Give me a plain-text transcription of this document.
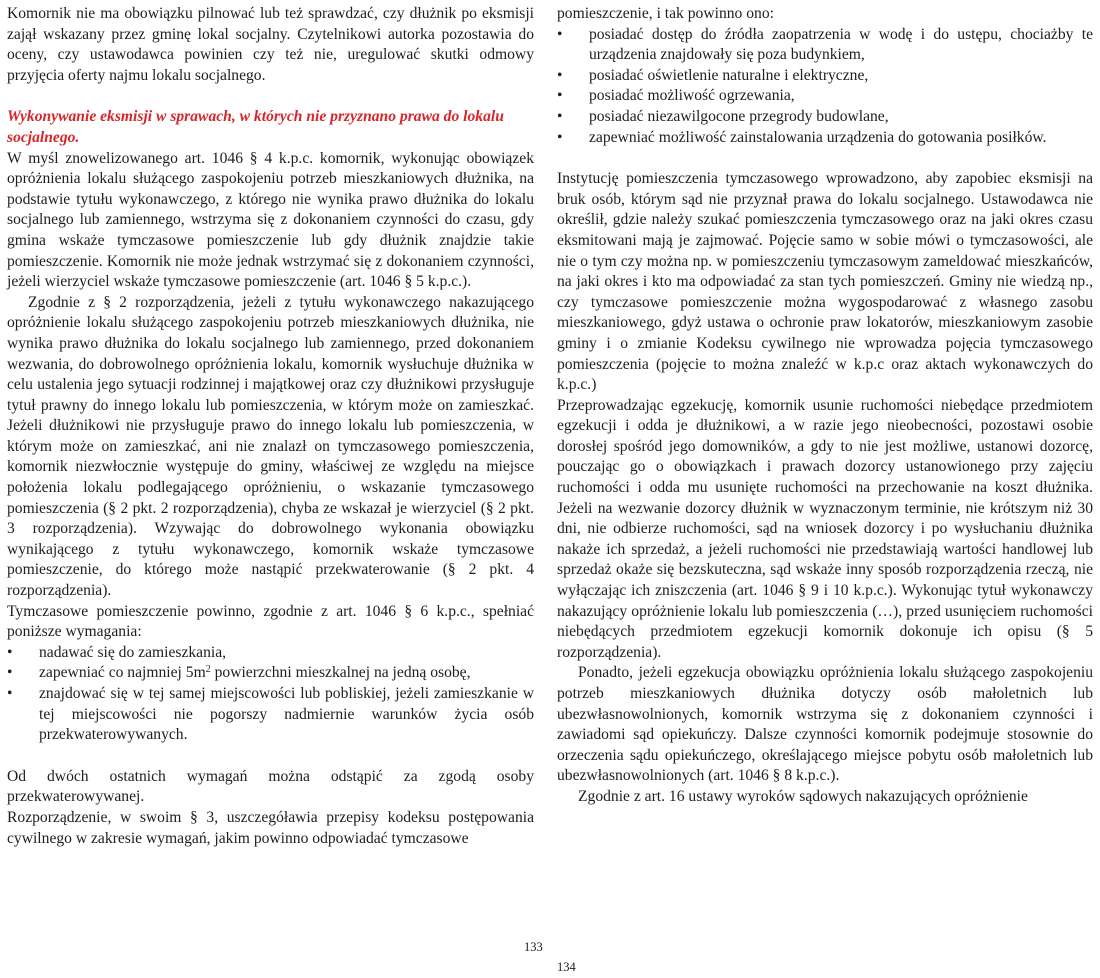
Komornik nie ma obowiązku pilnować lub też sprawdzać, czy dłużnik po eksmisji zajął wskazany przez gminę lokal socjalny. Czytelnikowi autorka pozostawia do oceny, czy ustawodawca powinien czy też nie, uregulować skutki odmowy przyjęcia oferty najmu lokalu socjalnego.

Wykonywanie eksmisji w sprawach, w których nie przyznano prawa do lokalu socjalnego.

W myśl znowelizowanego art. 1046 § 4 k.p.c. komornik, wykonując obowiązek opróżnienia lokalu służącego zaspokojeniu potrzeb mieszkaniowych dłużnika, na podstawie tytułu wykonawczego, z którego nie wynika prawo dłużnika do lokalu socjalnego lub zamiennego, wstrzyma się z dokonaniem czynności do czasu, gdy gmina wskaże tymczasowe pomieszczenie lub gdy dłużnik znajdzie takie pomieszczenie. Komornik nie może jednak wstrzymać się z dokonaniem czynności, jeżeli wierzyciel wskaże tymczasowe pomieszczenie (art. 1046 § 5 k.p.c.).

Zgodnie z § 2 rozporządzenia, jeżeli z tytułu wykonawczego nakazującego opróżnienie lokalu służącego zaspokojeniu potrzeb mieszkaniowych dłużnika, nie wynika prawo dłużnika do lokalu socjalnego lub zamiennego, przed dokonaniem wezwania, do dobrowolnego opróżnienia lokalu, komornik wysłuchuje dłużnika w celu ustalenia jego sytuacji rodzinnej i majątkowej oraz czy dłużnikowi przysługuje tytuł prawny do innego lokalu lub pomieszczenia, w którym może on zamieszkać. Jeżeli dłużnikowi nie przysługuje prawo do innego lokalu lub pomieszczenia, w którym może on zamieszkać, ani nie znalazł on tymczasowego pomieszczenia, komornik niezwłocznie występuje do gminy, właściwej ze względu na miejsce położenia lokalu podlegającego opróżnieniu, o wskazanie tymczasowego pomieszczenia (§ 2 pkt. 2 rozporządzenia), chyba ze wskazał je wierzyciel (§ 2 pkt. 3 rozporządzenia). Wzywając do dobrowolnego wykonania obowiązku wynikającego z tytułu wykonawczego, komornik wskaże tymczasowe pomieszczenie, do którego może nastąpić przekwaterowanie (§ 2 pkt. 4 rozporządzenia).

Tymczasowe pomieszczenie powinno, zgodnie z art. 1046 § 6 k.p.c., spełniać poniższe wymagania:

• nadawać się do zamieszkania,
• zapewniać co najmniej $5m^2$ powierzchni mieszkalnej na jedną osobę,
• znajdować się w tej samej miejscowości lub pobliskiej, jeżeli zamieszkanie w tej miejscowości nie pogorszy nadmiernie warunków życia osób przekwaterowywanych.

Od dwóch ostatnich wymagań można odstąpić za zgodą osoby przekwaterowywanej.

Rozporządzenie, w swoim § 3, uszczegóławia przepisy kodeksu postępowania cywilnego w zakresie wymagań, jakim powinno odpowiadać tymczasowe

pomieszczenie, i tak powinno ono:

• posiadać dostęp do źródła zaopatrzenia w wodę i do ustępu, chociażby te urządzenia znajdowały się poza budynkiem,
• posiadać oświetlenie naturalne i elektryczne,
• posiadać możliwość ogrzewania,
• posiadać niezawilgocone przegrody budowlane,
• zapewniać możliwość zainstalowania urządzenia do gotowania posiłków.

Instytucję pomieszczenia tymczasowego wprowadzono, aby zapobiec eksmisji na bruk osób, którym sąd nie przyznał prawa do lokalu socjalnego. Ustawodawca nie określił, gdzie należy szukać pomieszczenia tymczasowego oraz na jaki okres czasu eksmitowani mają je zajmować. Pojęcie samo w sobie mówi o tymczasowości, ale nie o tym czy można np. w pomieszczeniu tymczasowym zameldować mieszkańców, na jaki okres i kto ma odpowiadać za stan tych pomieszczeń. Gminy nie wiedzą np., czy tymczasowe pomieszczenie można wygospodarować z własnego zasobu mieszkaniowego, gdyż ustawa o ochronie praw lokatorów, mieszkaniowym zasobie gminy i o zmianie Kodeksu cywilnego nie wprowadza pojęcia tymczasowego pomieszczenia (pojęcie to można znaleźć w k.p.c oraz aktach wykonawczych do k.p.c.)

Przeprowadzając egzekucję, komornik usunie ruchomości niebędące przedmiotem egzekucji i odda je dłużnikowi, a w razie jego nieobecności, pozostawi osobie dorosłej spośród jego domowników, a gdy to nie jest możliwe, ustanowi dozorcę, pouczając go o obowiązkach i prawach dozorcy ustanowionego przy zajęciu ruchomości i odda mu usunięte ruchomości na przechowanie na koszt dłużnika. Jeżeli na wezwanie dozorcy dłużnik w wyznaczonym terminie, nie krótszym niż 30 dni, nie odbierze ruchomości, sąd na wniosek dozorcy i po wysłuchaniu dłużnika nakaże ich sprzedaż, a jeżeli ruchomości nie przedstawiają wartości handlowej lub sprzedaż okaże się bezskuteczna, sąd wskaże inny sposób rozporządzenia rzeczą, nie wyłączając ich zniszczenia (art. 1046 § 9 i 10 k.p.c.). Wykonując tytuł wykonawczy nakazujący opróżnienie lokalu lub pomieszczenia (…), przed usunięciem ruchomości niebędących przedmiotem egzekucji komornik dokonuje ich opisu (§ 5 rozporządzenia).

Ponadto, jeżeli egzekucja obowiązku opróżnienia lokalu służącego zaspokojeniu potrzeb mieszkaniowych dłużnika dotyczy osób małoletnich lub ubezwłasnowolnionych, komornik wstrzyma się z dokonaniem czynności i zawiadomi sąd opiekuńczy. Dalsze czynności komornik podejmuje stosownie do orzeczenia sądu opiekuńczego, określającego miejsce pobytu osób małoletnich lub ubezwłasnowolnionych (art. 1046 § 8 k.p.c.).

Zgodnie z art. 16 ustawy wyroków sądowych nakazujących opróżnienie

133
134
